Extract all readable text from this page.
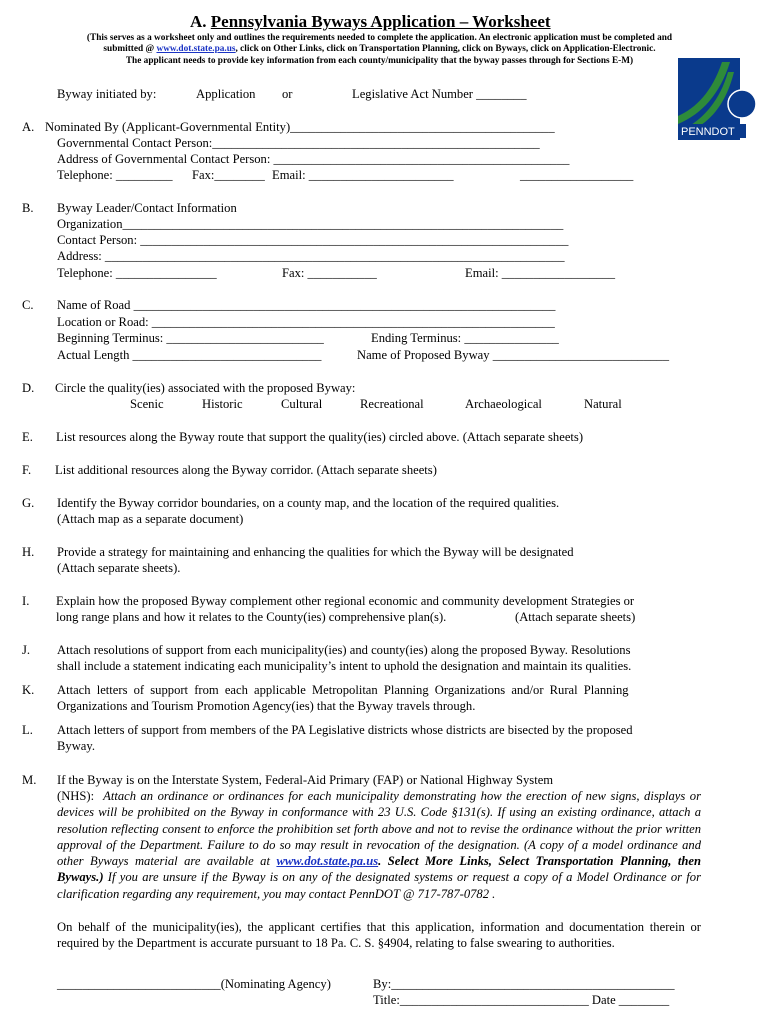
A. Pennsylvania Byways Application – Worksheet
(This serves as a worksheet only and outlines the requirements needed to complete the application. An electronic application must be completed and
submitted @ www.dot.state.pa.us, click on Other Links, click on Transportation Planning, click on Byways, click on Application-Electronic.
The applicant needs to provide key information from each county/municipality that the byway passes through for Sections E-M)
PENNDOT
Byway initiated by:	Application or	Legislative Act Number ________
A. Nominated By (Applicant-Governmental Entity)__________________________________________
Governmental Contact Person:____________________________________________________
Address of Governmental Contact Person: _______________________________________________
Telephone: _________ Fax:________ Email: _______________________	__________________
B. Byway Leader/Contact Information
Organization______________________________________________________________________
Contact Person: ____________________________________________________________________
Address: _________________________________________________________________________
Telephone: ________________	Fax: ___________	Email: __________________
C. Name of Road ___________________________________________________________________
Location or Road: ________________________________________________________________
Beginning Terminus: _________________________	Ending Terminus: _______________
Actual Length ______________________________	Name of Proposed Byway ____________________________
D. Circle the quality(ies) associated with the proposed Byway:
Scenic	Historic	Cultural	Recreational	Archaeological	Natural
E. List resources along the Byway route that support the quality(ies) circled above. (Attach separate sheets)
F. List additional resources along the Byway corridor. (Attach separate sheets)
G. Identify the Byway corridor boundaries, on a county map, and the location of the required qualities.
(Attach map as a separate document)
H. Provide a strategy for maintaining and enhancing the qualities for which the Byway will be designated
(Attach separate sheets).
I. Explain how the proposed Byway complement other regional economic and community development Strategies or
long range plans and how it relates to the County(ies) comprehensive plan(s).	(Attach separate sheets)
J. Attach resolutions of support from each municipality(ies) and county(ies) along the proposed Byway. Resolutions
shall include a statement indicating each municipality’s intent to uphold the designation and maintain its qualities.
K. Attach letters of support from each applicable Metropolitan Planning Organizations and/or Rural Planning
Organizations and Tourism Promotion Agency(ies) that the Byway travels through.
L. Attach letters of support from members of the PA Legislative districts whose districts are bisected by the proposed
Byway.
M. If the Byway is on the Interstate System, Federal-Aid Primary (FAP) or National Highway System
(NHS): Attach an ordinance or ordinances for each municipality demonstrating how the erection of new signs, displays or devices will be prohibited on the Byway in conformance with 23 U.S. Code §131(s). If using an existing ordinance, attach a resolution reflecting consent to enforce the prohibition set forth above and not to revise the ordinance without the prior written approval of the Department. Failure to do so may result in revocation of the designation. (A copy of a model ordinance and other Byways material are available at www.dot.state.pa.us. Select More Links, Select Transportation Planning, then Byways.) If you are unsure if the Byway is on any of the designated systems or request a copy of a Model Ordinance or for clarification regarding any requirement, you may contact PennDOT @ 717-787-0782 .
On behalf of the municipality(ies), the applicant certifies that this application, information and documentation therein or required by the Department is accurate pursuant to 18 Pa. C. S. §4904, relating to false swearing to authorities.
__________________________(Nominating Agency)	By:_____________________________________________
Title:______________________________ Date ________
